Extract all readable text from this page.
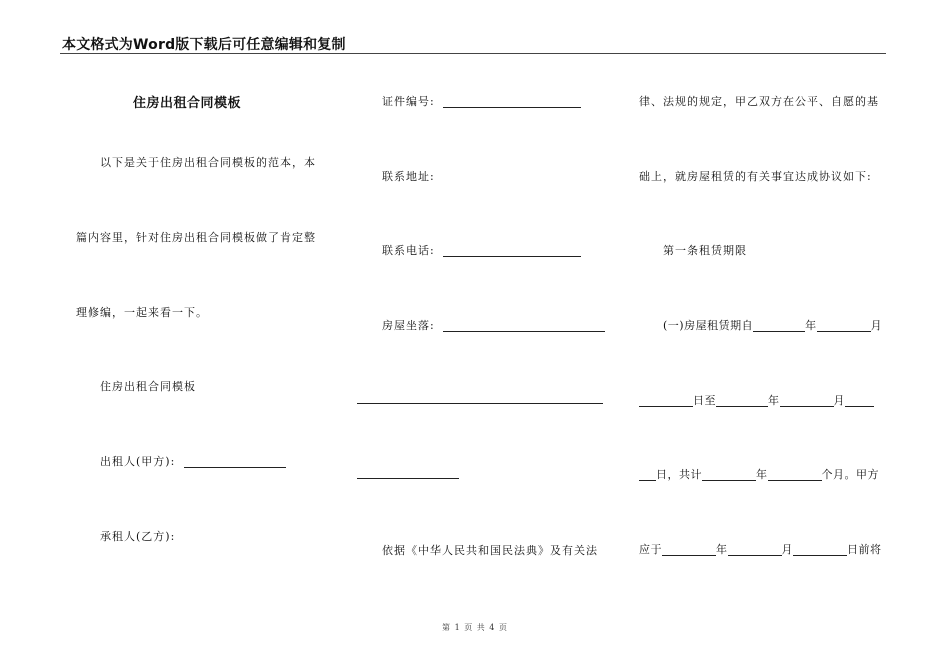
本文格式为Word版下载后可任意编辑和复制
住房出租合同模板
以下是关于住房出租合同模板的范本，本
篇内容里，针对住房出租合同模板做了肯定整
理修编，一起来看一下。
住房出租合同模板
出租人(甲方):
承租人(乙方):
证件编号:
联系地址:
联系电话:
房屋坐落:
依据《中华人民共和国民法典》及有关法
律、法规的规定，甲乙双方在公平、自愿的基
础上，就房屋租赁的有关事宜达成协议如下:
第一条租赁期限
(一)房屋租赁期自	年	月
日至	年	月
日，共计	年	个月。甲方
应于	年	月	日前将
第 1 页 共 4 页
